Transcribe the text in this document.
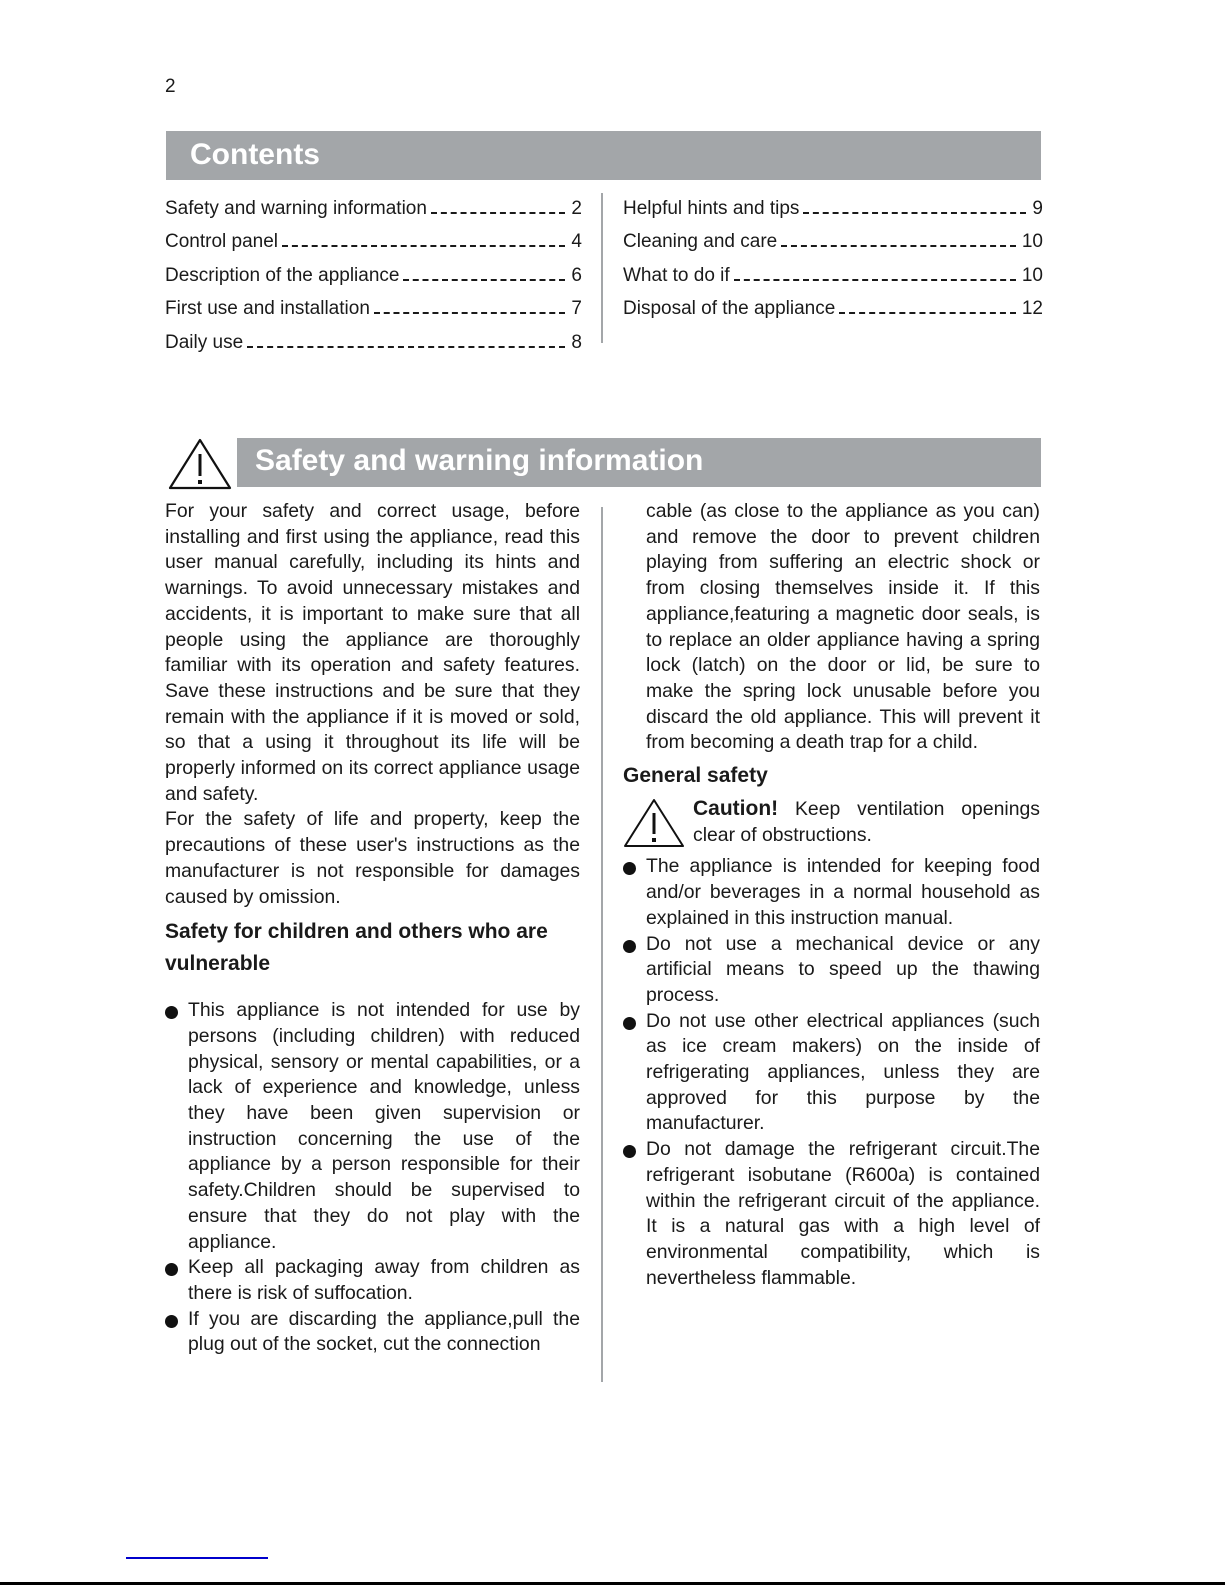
2
Contents
Safety and warning information	2
Control panel	4
Description of the appliance	6
First use and installation	7
Daily use	8
Helpful hints and tips	9
Cleaning and care	10
What to do if	10
Disposal of the appliance	12
Safety and warning information

For your safety and correct usage, before installing and first using the appliance, read this user manual carefully, including its hints and warnings. To avoid unnecessary mistakes and accidents, it is important to make sure that all people using the appliance are thoroughly familiar with its operation and safety features. Save these instructions and be sure that they remain with the appliance if it is moved or sold, so that a using it throughout its life will be properly informed on its correct appliance usage and safety.

For the safety of life and property, keep the precautions of these user's instructions as the manufacturer is not responsible for damages caused by omission.

Safety for children and others who are vulnerable
This appliance is not intended for use by persons (including children) with reduced physical, sensory or mental capabilities, or a lack of experience and knowledge, unless they have been given supervision or instruction concerning the use of the appliance by a person responsible for their safety.Children should be supervised to ensure that they do not play with the appliance.
Keep all packaging away from children as there is risk of suffocation.
If you are discarding the appliance,pull the plug out of the socket, cut the connection

cable (as close to the appliance as you can) and remove the door to prevent children playing from suffering an electric shock or from closing themselves inside it. If this appliance,featuring a magnetic door seals, is to replace an older appliance having a spring lock (latch) on the door or lid, be sure to make the spring lock unusable before you discard the old appliance. This will prevent it from becoming a death trap for a child.

General safety
Caution! Keep ventilation openings clear of obstructions.
The appliance is intended for keeping food and/or beverages in a normal household as explained in this instruction manual.
Do not use a mechanical device or any artificial means to speed up the thawing process.
Do not use other electrical appliances (such as ice cream makers) on the inside of refrigerating appliances, unless they are approved for this purpose by the manufacturer.
Do not damage the refrigerant circuit.The refrigerant isobutane (R600a) is contained within the refrigerant circuit of the appliance. It is a natural gas with a high level of environmental compatibility, which is nevertheless flammable.
